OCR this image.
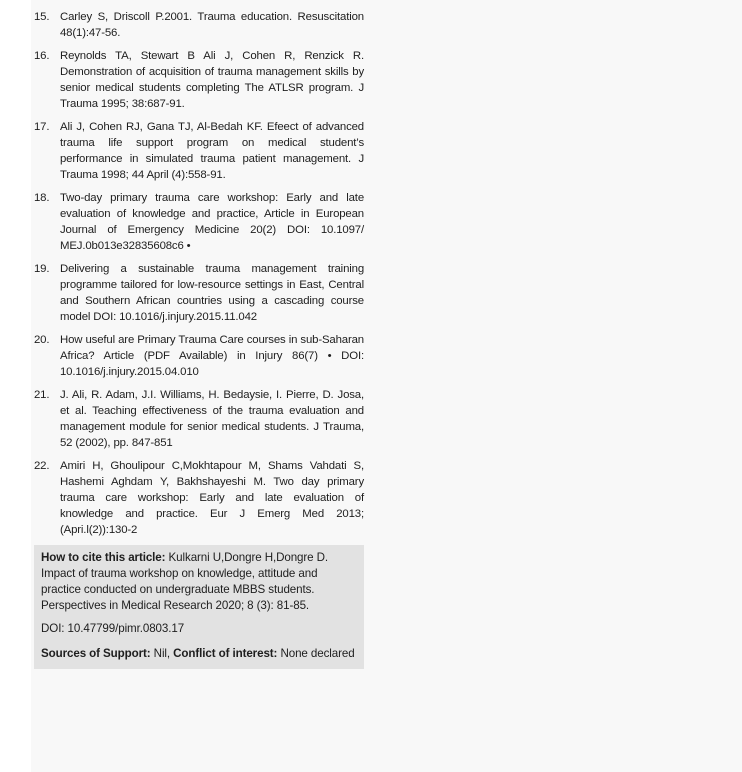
15. Carley S, Driscoll P.2001. Trauma education. Resuscitation 48(1):47-56.
16. Reynolds TA, Stewart B Ali J, Cohen R, Renzick R. Demonstration of acquisition of trauma management skills by senior medical students completing The ATLSR program. J Trauma 1995; 38:687-91.
17. Ali J, Cohen RJ, Gana TJ, Al-Bedah KF. Efeect of advanced trauma life support program on medical student’s performance in simulated trauma patient management. J Trauma 1998; 44 April (4):558-91.
18. Two-day primary trauma care workshop: Early and late evaluation of knowledge and practice, Article in European Journal of Emergency Medicine 20(2) DOI: 10.1097/ MEJ.0b013e32835608c6 •
19. Delivering a sustainable trauma management training programme tailored for low-resource settings in East, Central and Southern African countries using a cascading course model DOI: 10.1016/j.injury.2015.11.042
20. How useful are Primary Trauma Care courses in sub-Saharan Africa? Article (PDF Available) in Injury 86(7) • DOI: 10.1016/j.injury.2015.04.010
21. J. Ali, R. Adam, J.I. Williams, H. Bedaysie, I. Pierre, D. Josa, et al. Teaching effectiveness of the trauma evaluation and management module for senior medical students. J Trauma, 52 (2002), pp. 847-851
22. Amiri H, Ghoulipour C,Mokhtapour M, Shams Vahdati S, Hashemi Aghdam Y, Bakhshayeshi M. Two day primary trauma care workshop: Early and late evaluation of knowledge and practice. Eur J Emerg Med 2013; (Apri.l(2)):130-2

How to cite this article: Kulkarni U,Dongre H,Dongre D. Impact of trauma workshop on knowledge, attitude and practice conducted on undergraduate MBBS students. Perspectives in Medical Research 2020; 8 (3): 81-85.

DOI: 10.47799/pimr.0803.17

Sources of Support: Nil, Conflict of interest: None declared
